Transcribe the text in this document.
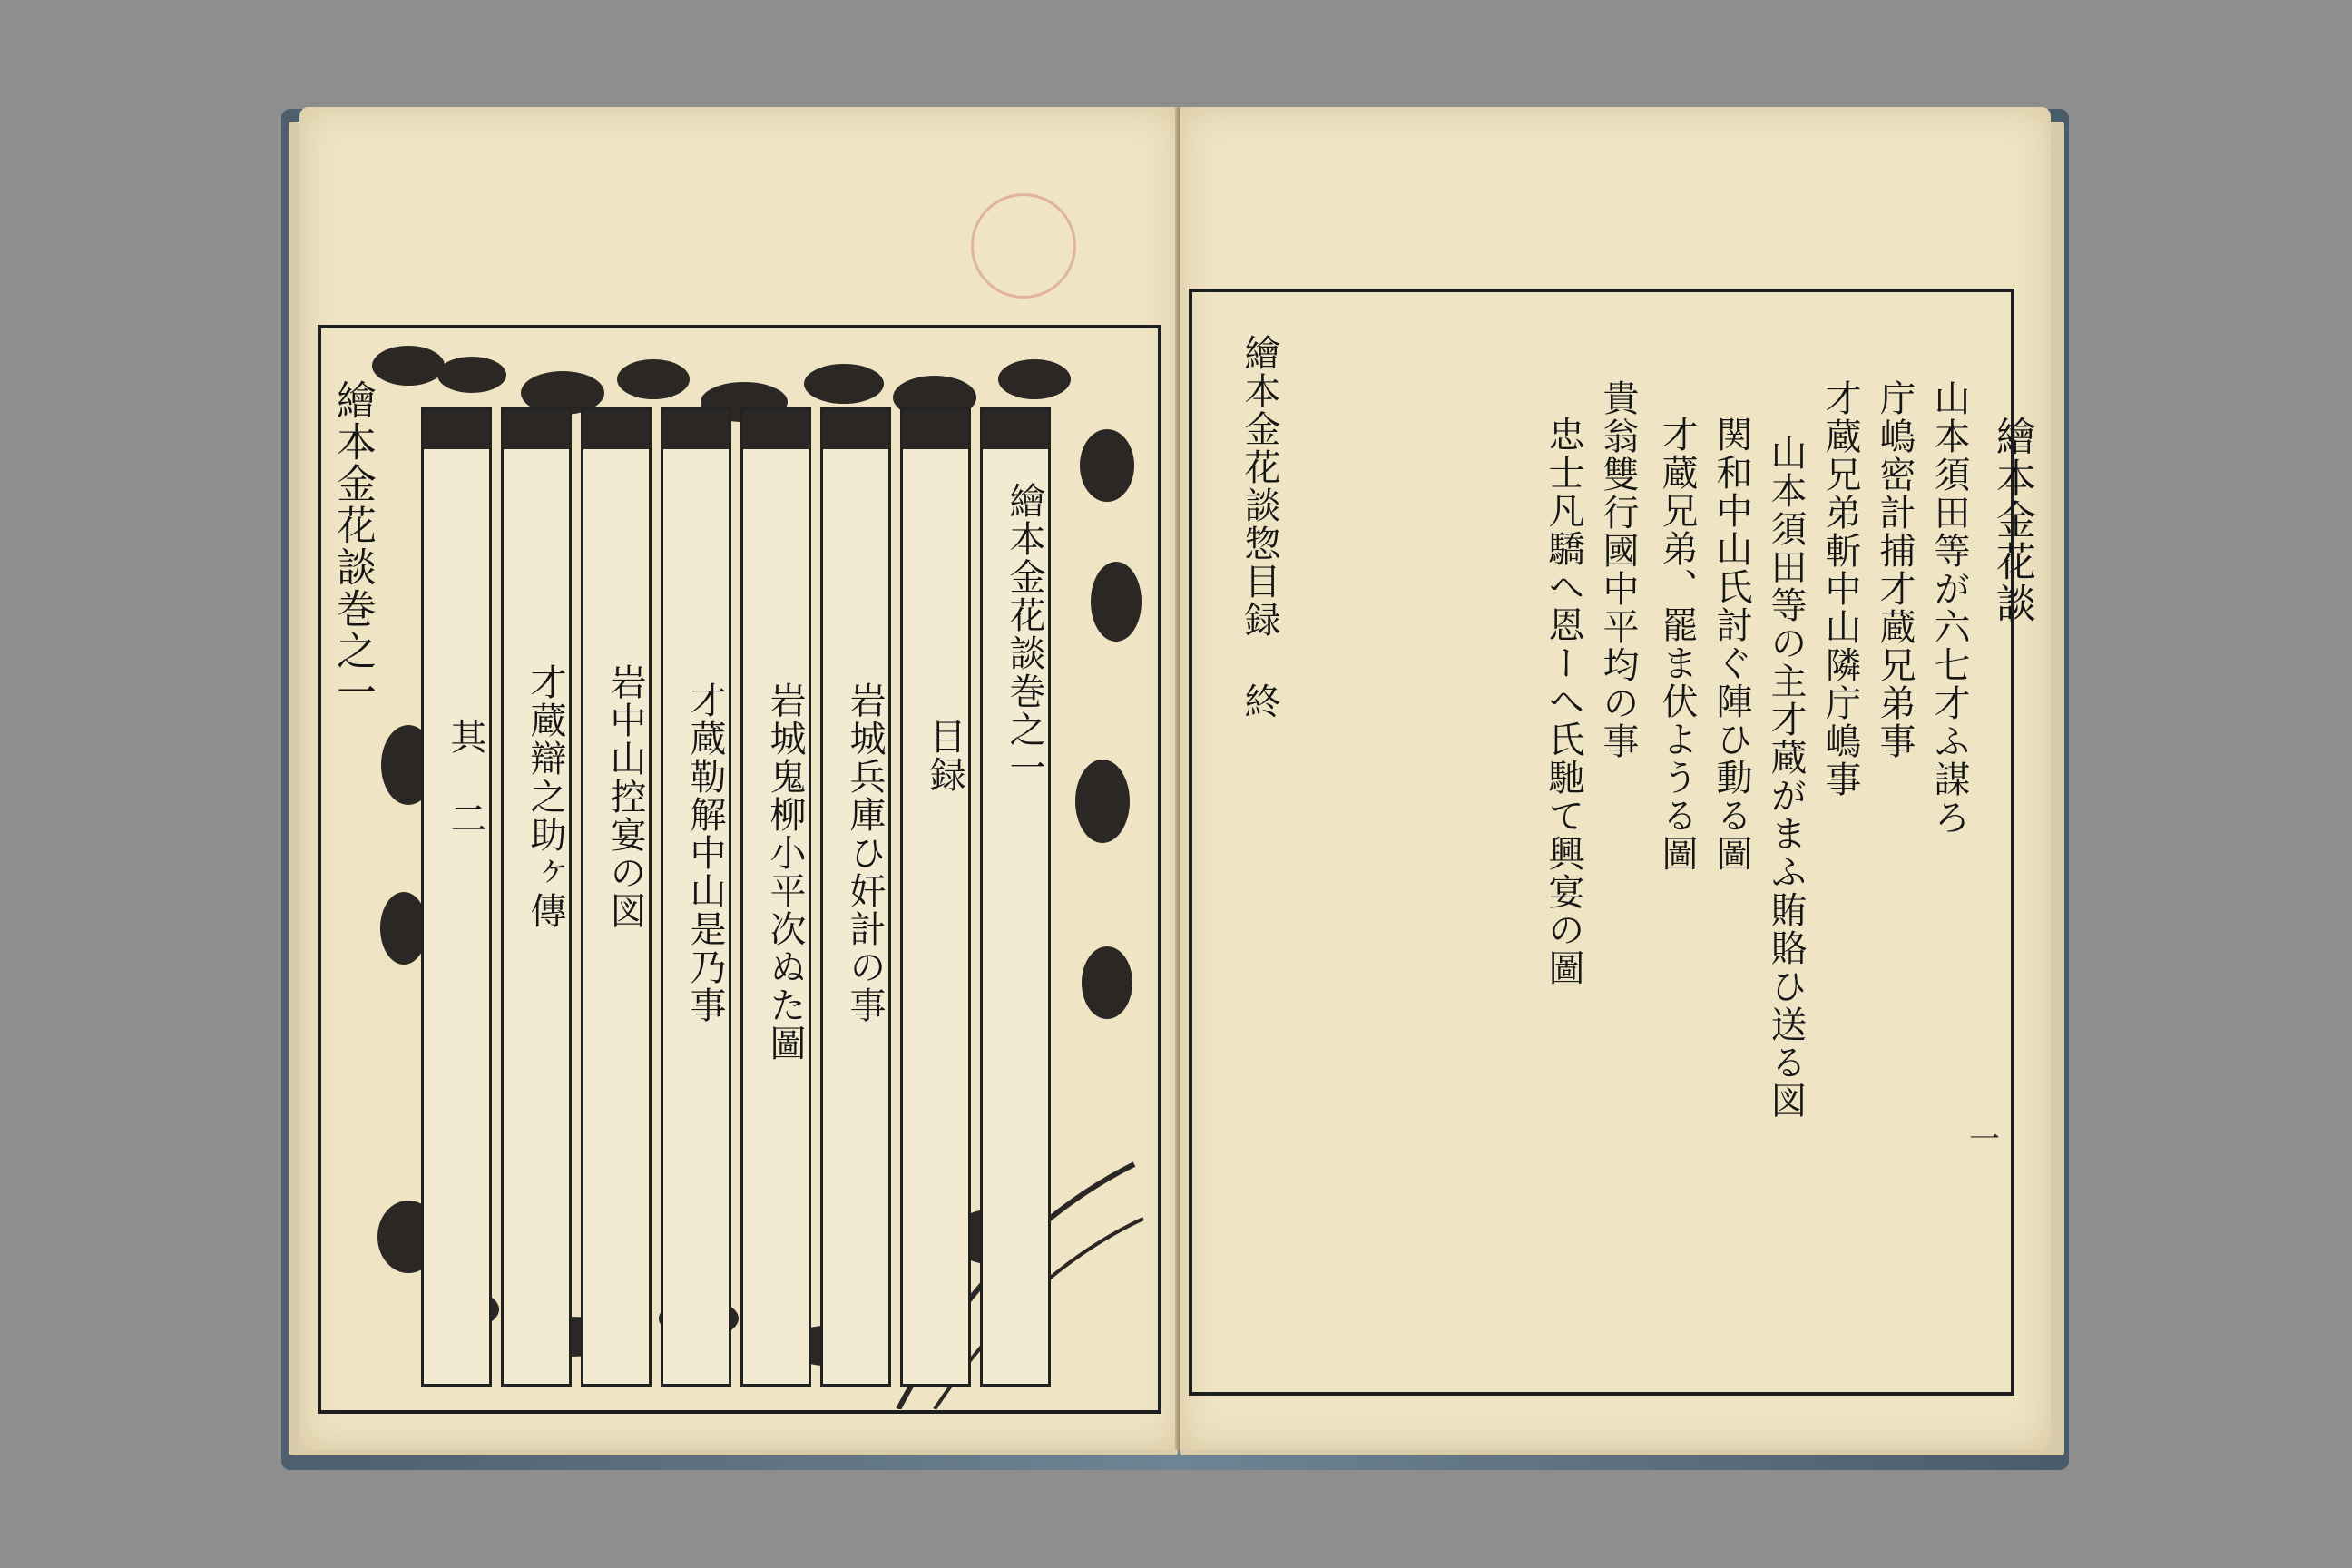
繪本金花談巻之一	繪本金花談巻之一
目録
岩城兵庫ひ奸計の事
岩城鬼柳小平次ぬた圖
才蔵勒解中山是乃事
岩中山控宴の図
才蔵辯之助ヶ傳
其 二
繪本金花談
一
山本須田等が六七才ふ謀ろ
庁嶋密計捕才蔵兄弟事
才蔵兄弟斬中山隣庁嶋事
山本須田等の主才蔵がまふ賄賂ひ送る図
関和中山氏討ぐ陣ひ動る圖
才蔵兄弟、罷ま伏ようる圖
貴翁雙行國中平均の事
忠士凡驕へ恩ーへ氏馳て興宴の圖
繪本金花談惣目録 終
